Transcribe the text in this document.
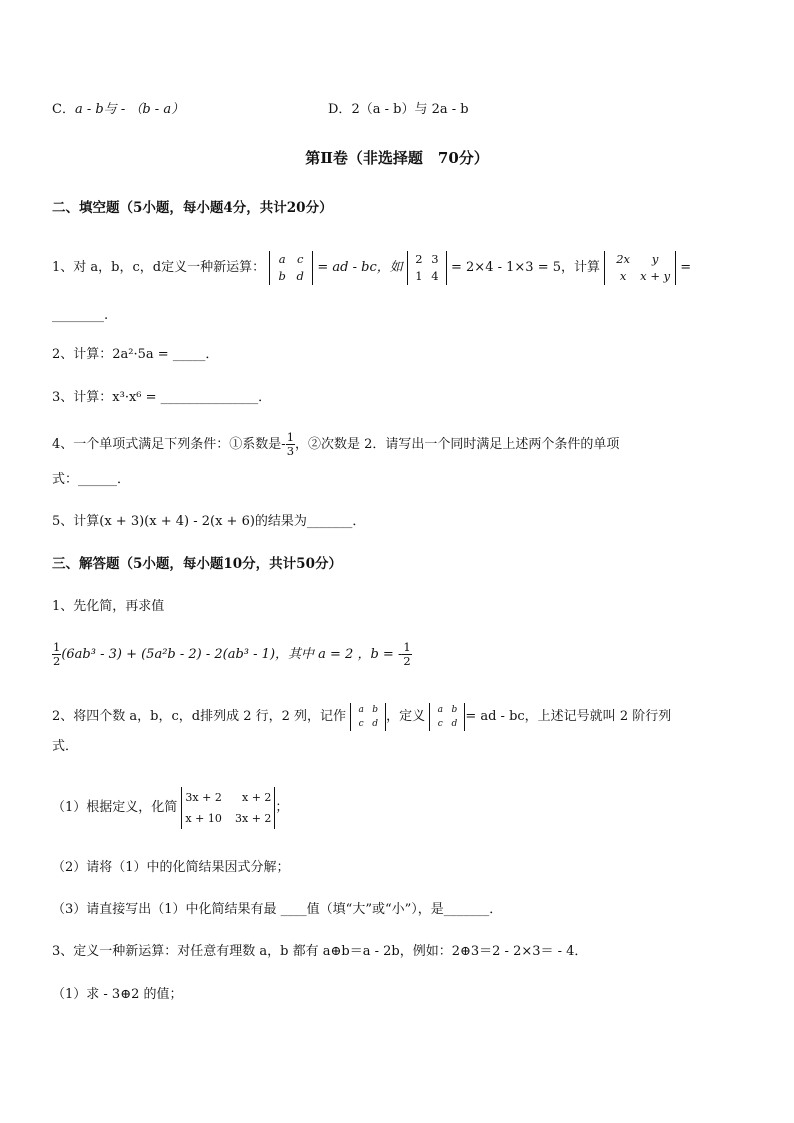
C．a - b与 - （b - a）	D．2（a - b）与 2a - b
第Ⅱ卷（非选择题　70分）
二、填空题（5小题，每小题4分，共计20分）
1、对 a，b，c，d定义一种新运算：
a c
b d
= ad - bc，如
2 3
1 4
= 2×4 - 1×3 = 5，计算
2x y
x x + y
=
________.
2、计算：2a²·5a = _____．
3、计算：x³·x⁶ = _______________．
4、一个单项式满足下列条件：①系数是- $\frac{1}{3}$ ，②次数是 2．请写出一个同时满足上述两个条件的单项
式：______．
5、计算(x + 3)(x + 4) - 2(x + 6)的结果为_______．
三、解答题（5小题，每小题10分，共计50分）
1、先化简，再求值
$\frac{1}{2} (6ab^3 - 3) + (5a^2b - 2) - 2(ab^3 - 1)$，其中 a = 2 ，b = - $\frac{1}{2}$
2、将四个数 a，b，c，d排列成 2 行，2 列，记作	a b
c d ，定义	a b
c d = ad - bc，上述记号就叫 2 阶行列
式．
（1）根据定义，化简
3x + 2 x + 2
x + 10 3x + 2
；
（2）请将（1）中的化简结果因式分解；
（3）请直接写出（1）中化简结果有最 ____值（填“大”或“小”），是_______．
3、定义一种新运算：对任意有理数 a，b 都有 a⊕b＝a - 2b，例如：2⊕3＝2 - 2×3＝ - 4．
（1）求 - 3⊕2 的值；
